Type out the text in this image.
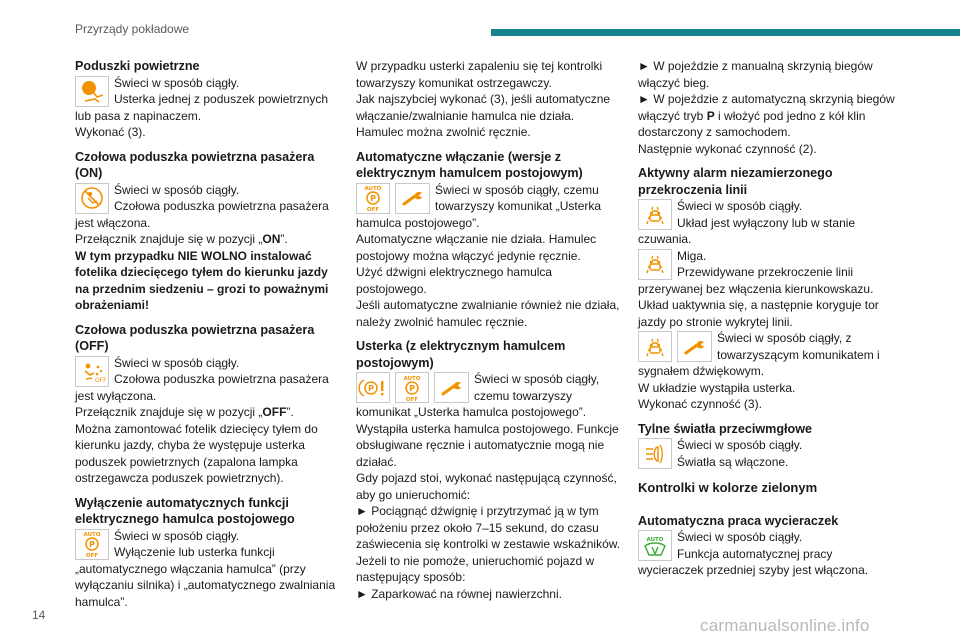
Przyrządy pokładowe
Poduszki powietrzne
Świeci w sposób ciągły.
Usterka jednej z poduszek powietrznych lub pasa z napinaczem.
Wykonać (3).
Czołowa poduszka powietrzna pasażera (ON)
Świeci w sposób ciągły.
Czołowa poduszka powietrzna pasażera jest włączona.
Przełącznik znajduje się w pozycji „ON”.
W tym przypadku NIE WOLNO instalować fotelika dziecięcego tyłem do kierunku jazdy na przednim siedzeniu – grozi to poważnymi obrażeniami!
Czołowa poduszka powietrzna pasażera (OFF)
OFF
Świeci w sposób ciągły.
Czołowa poduszka powietrzna pasażera jest wyłączona.
Przełącznik znajduje się w pozycji „OFF”.
Można zamontować fotelik dziecięcy tyłem do kierunku jazdy, chyba że występuje usterka poduszek powietrznych (zapalona lampka ostrzegawcza poduszek powietrznych).
Wyłączenie automatycznych funkcji elektrycznego hamulca postojowego
AUTO
P
OFF
Świeci w sposób ciągły.
Wyłączenie lub usterka funkcji „automatycznego włączania hamulca” (przy wyłączaniu silnika) i „automatycznego zwalniania hamulca”.
W przypadku usterki zapaleniu się tej kontrolki towarzyszy komunikat ostrzegawczy.
Jak najszybciej wykonać (3), jeśli automatyczne włączanie/zwalnianie hamulca nie działa.
Hamulec można zwolnić ręcznie.
Automatyczne włączanie (wersje z elektrycznym hamulcem postojowym)
AUTO
P
OFF
Świeci w sposób ciągły, czemu towarzyszy komunikat „Usterka hamulca postojowego”.
Automatyczne włączanie nie działa. Hamulec postojowy można włączyć jedynie ręcznie.
Użyć dźwigni elektrycznego hamulca postojowego.
Jeśli automatyczne zwalnianie również nie działa, należy zwolnić hamulec ręcznie.
Usterka (z elektrycznym hamulcem postojowym)
P
AUTO
P
OFF
Świeci w sposób ciągły, czemu towarzyszy komunikat „Usterka hamulca postojowego”.
Wystąpiła usterka hamulca postojowego. Funkcje obsługiwane ręcznie i automatycznie mogą nie działać.
Gdy pojazd stoi, wykonać następującą czynność, aby go unieruchomić:
► Pociągnąć dźwignię i przytrzymać ją w tym położeniu przez około 7–15 sekund, do czasu zaświecenia się kontrolki w zestawie wskaźników.
Jeżeli to nie pomoże, unieruchomić pojazd w następujący sposób:
► Zaparkować na równej nawierzchni.
► W pojeździe z manualną skrzynią biegów włączyć bieg.
► W pojeździe z automatyczną skrzynią biegów włączyć tryb P i włożyć pod jedno z kół klin dostarczony z samochodem.
Następnie wykonać czynność (2).
Aktywny alarm niezamierzonego przekroczenia linii
Świeci w sposób ciągły.
Układ jest wyłączony lub w stanie czuwania.
Miga.
Przewidywane przekroczenie linii przerywanej bez włączenia kierunkowskazu.
Układ uaktywnia się, a następnie koryguje tor jazdy po stronie wykrytej linii.
Świeci w sposób ciągły, z towarzyszącym komunikatem i sygnałem dźwiękowym.
W układzie wystąpiła usterka.
Wykonać czynność (3).
Tylne światła przeciwmgłowe
Świeci w sposób ciągły.
Światła są włączone.
Kontrolki w kolorze zielonym
Automatyczna praca wycieraczek
AUTO	Świeci w sposób ciągły.
Funkcja automatycznej pracy wycieraczek przedniej szyby jest włączona.
14
carmanualsonline.info
